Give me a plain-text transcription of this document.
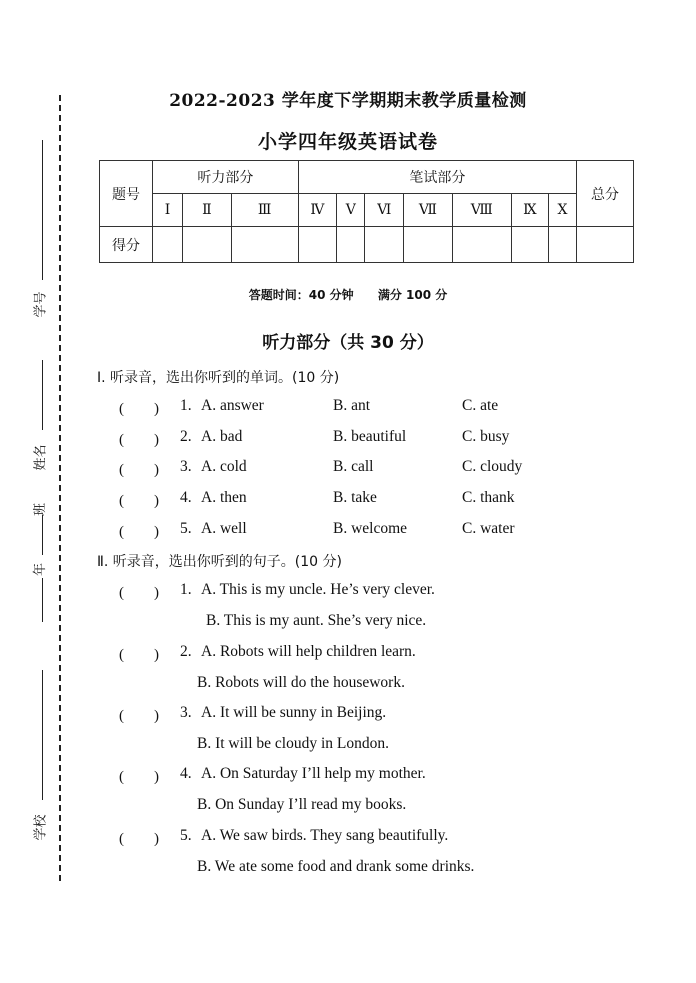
学号
姓名
班
年
学校
2022-2023 学年度下学期期末教学质量检测
小学四年级英语试卷
题号	听力部分			笔试部分							总分
	Ⅰ	Ⅱ	Ⅲ	Ⅳ	Ⅴ	Ⅵ	Ⅶ	Ⅷ	Ⅸ	Ⅹ	
得分											
答题时间：40 分钟 满分 100 分
听力部分（共 30 分）
Ⅰ. 听录音，选出你听到的单词。(10 分)
(　　) 1. A. answer	B. ant	C. ate
(　　) 2. A. bad	B. beautiful	C. busy
(　　) 3. A. cold	B. call	C. cloudy
(　　) 4. A. then	B. take	C. thank
(　　) 5. A. well	B. welcome	C. water
Ⅱ. 听录音，选出你听到的句子。(10 分)
(　　) 1. A. This is my uncle. He’s very clever.
B. This is my aunt. She’s very nice.
(　　) 2. A. Robots will help children learn.
B. Robots will do the housework.
(　　) 3. A. It will be sunny in Beijing.
B. It will be cloudy in London.
(　　) 4. A. On Saturday I’ll help my mother.
B. On Sunday I’ll read my books.
(　　) 5. A. We saw birds. They sang beautifully.
B. We ate some food and drank some drinks.
